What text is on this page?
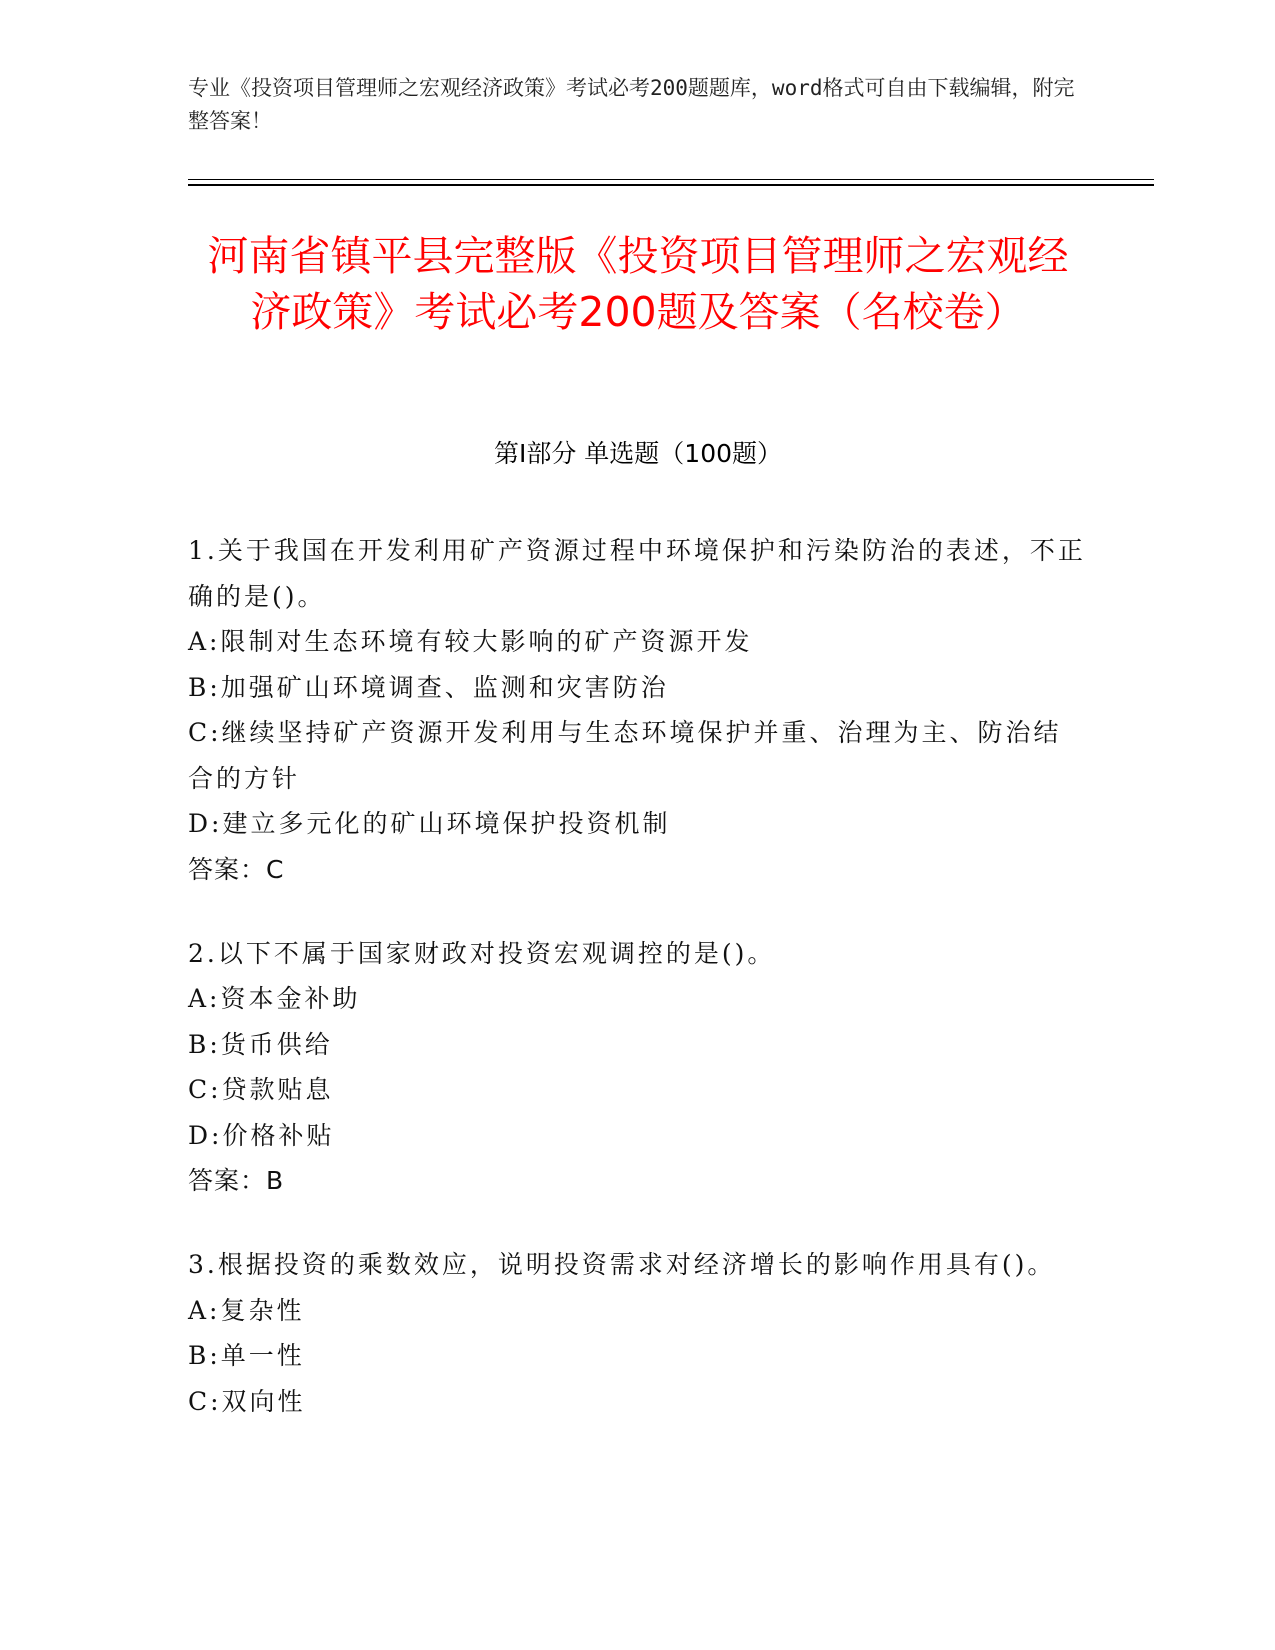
专业《投资项目管理师之宏观经济政策》考试必考200题题库，word格式可自由下载编辑，附完整答案！
河南省镇平县完整版《投资项目管理师之宏观经济政策》考试必考200题及答案（名校卷）
第I部分 单选题（100题）
1.关于我国在开发利用矿产资源过程中环境保护和污染防治的表述，不正确的是()。
A:限制对生态环境有较大影响的矿产资源开发
B:加强矿山环境调查、监测和灾害防治
C:继续坚持矿产资源开发利用与生态环境保护并重、治理为主、防治结合的方针
D:建立多元化的矿山环境保护投资机制
答案：C
2.以下不属于国家财政对投资宏观调控的是()。
A:资本金补助
B:货币供给
C:贷款贴息
D:价格补贴
答案：B
3.根据投资的乘数效应，说明投资需求对经济增长的影响作用具有()。
A:复杂性
B:单一性
C:双向性
